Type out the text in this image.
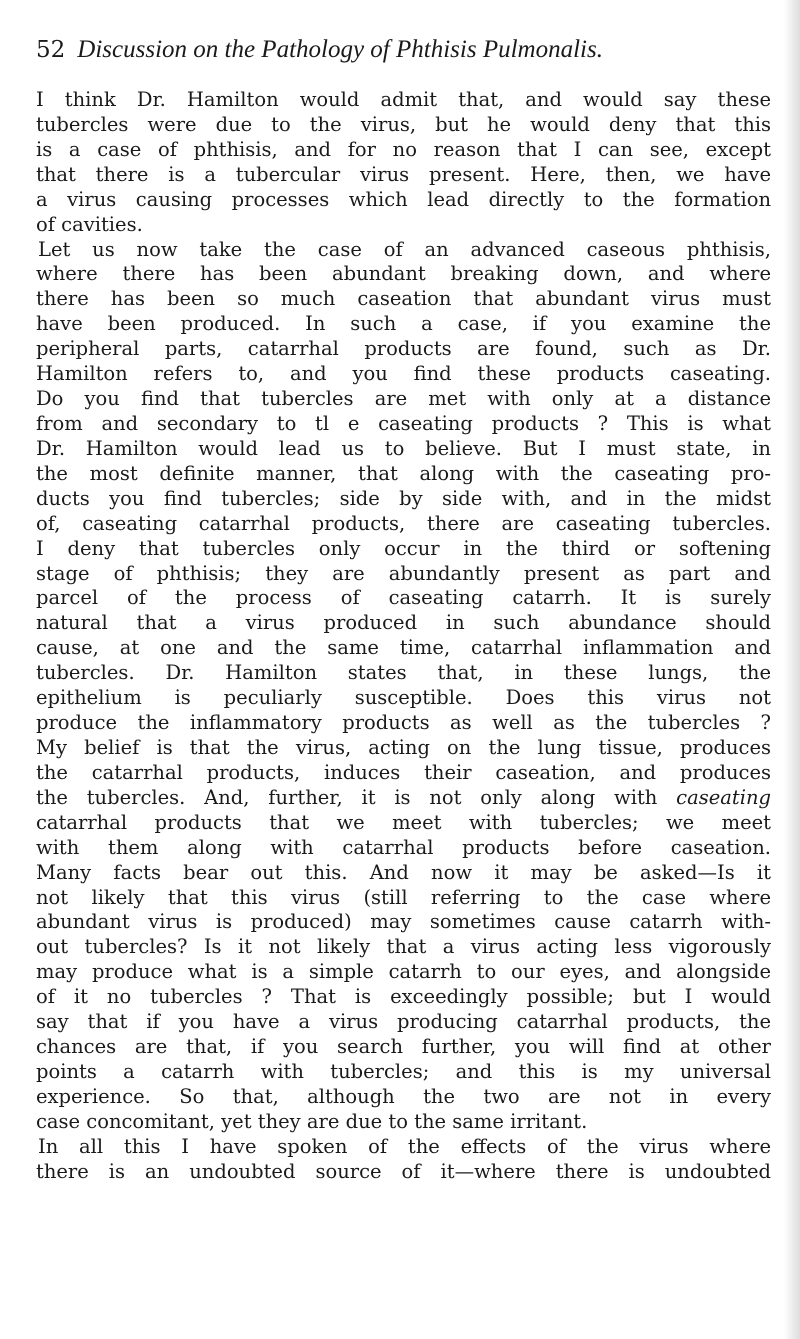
52 Discussion on the Pathology of Phthisis Pulmonalis.
I think Dr. Hamilton would admit that, and would say these
tubercles were due to the virus, but he would deny that this
is a case of phthisis, and for no reason that I can see, except
that there is a tubercular virus present. Here, then, we have
a virus causing processes which lead directly to the formation
of cavities.
Let us now take the case of an advanced caseous phthisis,
where there has been abundant breaking down, and where
there has been so much caseation that abundant virus must
have been produced. In such a case, if you examine the
peripheral parts, catarrhal products are found, such as Dr.
Hamilton refers to, and you find these products caseating.
Do you find that tubercles are met with only at a distance
from and secondary to tl e caseating products ? This is what
Dr. Hamilton would lead us to believe. But I must state, in
the most definite manner, that along with the caseating pro-
ducts you find tubercles; side by side with, and in the midst
of, caseating catarrhal products, there are caseating tubercles.
I deny that tubercles only occur in the third or softening
stage of phthisis; they are abundantly present as part and
parcel of the process of caseating catarrh. It is surely
natural that a virus produced in such abundance should
cause, at one and the same time, catarrhal inflammation and
tubercles. Dr. Hamilton states that, in these lungs, the
epithelium is peculiarly susceptible. Does this virus not
produce the inflammatory products as well as the tubercles ?
My belief is that the virus, acting on the lung tissue, produces
the catarrhal products, induces their caseation, and produces
the tubercles. And, further, it is not only along with caseating
catarrhal products that we meet with tubercles; we meet
with them along with catarrhal products before caseation.
Many facts bear out this. And now it may be asked—Is it
not likely that this virus (still referring to the case where
abundant virus is produced) may sometimes cause catarrh with-
out tubercles? Is it not likely that a virus acting less vigorously
may produce what is a simple catarrh to our eyes, and alongside
of it no tubercles ? That is exceedingly possible; but I would
say that if you have a virus producing catarrhal products, the
chances are that, if you search further, you will find at other
points a catarrh with tubercles; and this is my universal
experience. So that, although the two are not in every
case concomitant, yet they are due to the same irritant.
In all this I have spoken of the effects of the virus where
there is an undoubted source of it—where there is undoubted
